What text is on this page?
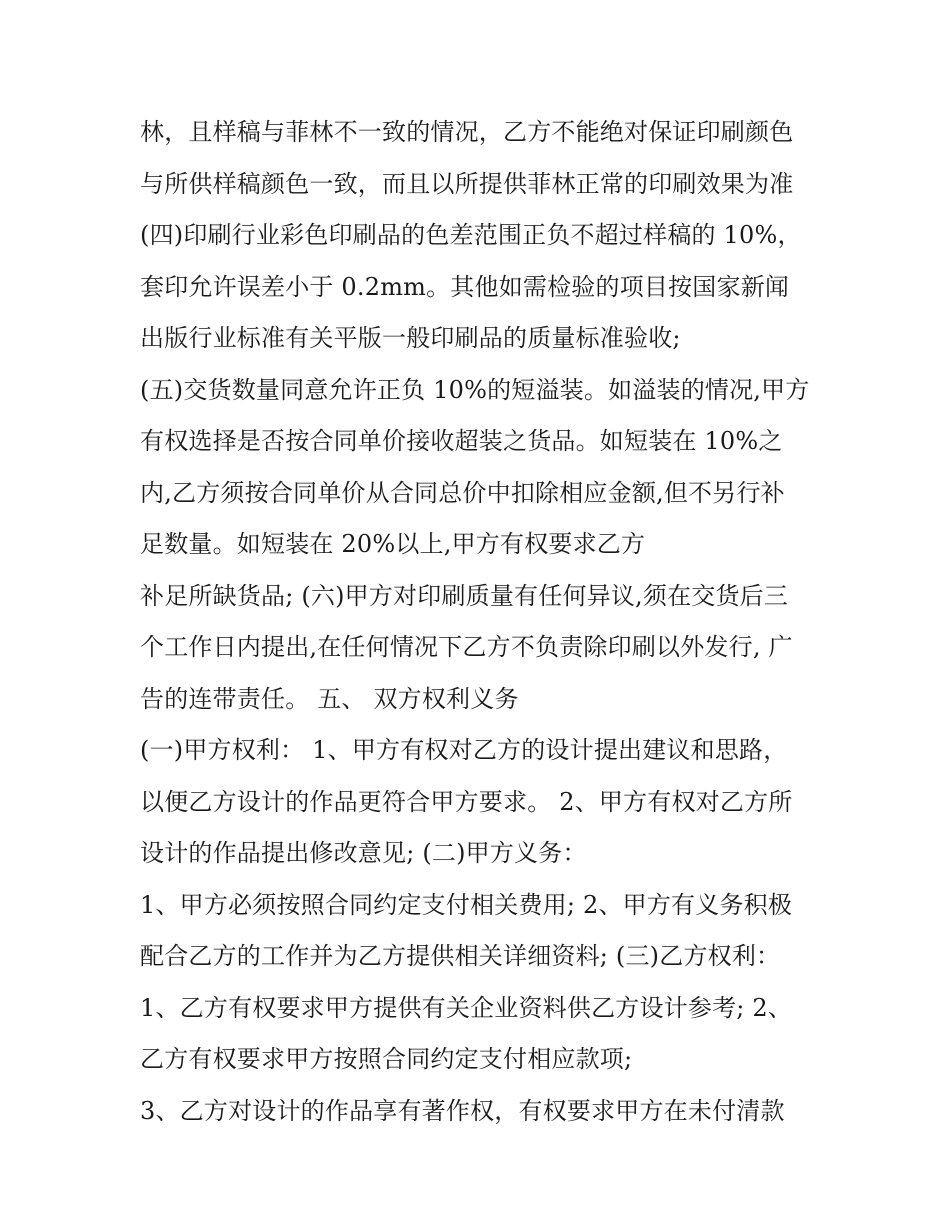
林，且样稿与菲林不一致的情况，乙方不能绝对保证印刷颜色
与所供样稿颜色一致，而且以所提供菲林正常的印刷效果为准
(四)印刷行业彩色印刷品的色差范围正负不超过样稿的 10%，
套印允许误差小于 0.2mm。其他如需检验的项目按国家新闻
出版行业标准有关平版一般印刷品的质量标准验收;
(五)交货数量同意允许正负 10%的短溢装。如溢装的情况,甲方
有权选择是否按合同单价接收超装之货品。如短装在 10%之
内,乙方须按合同单价从合同总价中扣除相应金额,但不另行补
足数量。如短装在 20%以上,甲方有权要求乙方
补足所缺货品; (六)甲方对印刷质量有任何异议,须在交货后三
个工作日内提出,在任何情况下乙方不负责除印刷以外发行, 广
告的连带责任。 五、 双方权利义务
(一)甲方权利： 1、甲方有权对乙方的设计提出建议和思路，
以便乙方设计的作品更符合甲方要求。 2、甲方有权对乙方所
设计的作品提出修改意见; (二)甲方义务：
1、甲方必须按照合同约定支付相关费用; 2、甲方有义务积极
配合乙方的工作并为乙方提供相关详细资料; (三)乙方权利：
1、乙方有权要求甲方提供有关企业资料供乙方设计参考; 2、
乙方有权要求甲方按照合同约定支付相应款项;
3、乙方对设计的作品享有著作权，有权要求甲方在未付清款
